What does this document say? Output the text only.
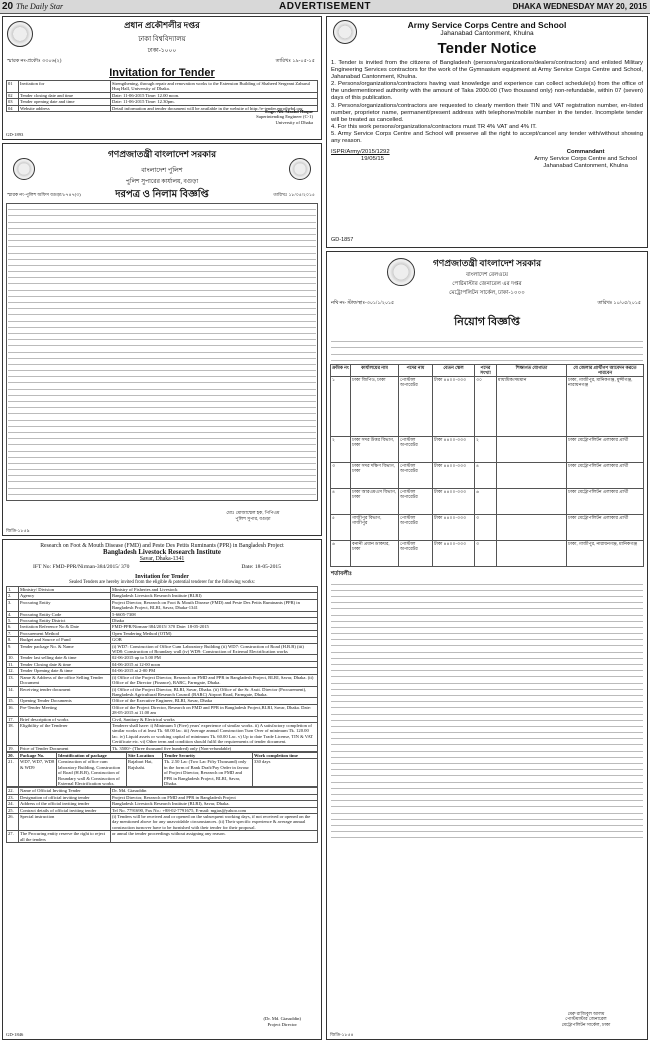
20 The Daily Star	ADVERTISEMENT	DHAKA WEDNESDAY MAY 20, 2015
প্রধান প্রকৌশলীর দপ্তর
ঢাকা বিশ্ববিদ্যালয়
ঢাকা-১০০০
স্মারক নং-প্রকৌঃ ৩৩০৬(২)	তারিখঃ ১৯-০৫-১৫
Invitation for Tender
01	Invitation for	Strengthening, through repair and renovation works to the Extension Building of Shaheed Sergeant Zahurul Huq Hall, University of Dhaka.
02	Tender closing date and time	Date: 11-06-2015 Time: 12.00 noon.
03	Tender opening date and time	Date: 11-06-2015 Time: 12.30pm.
04	Website address	Detail information and tender document will be available in the website of http://e-tender.eprothebd.org
Engr. AK Afzalul Haque
Superintending Engineer (C-1)
University of Dhaka
GD-1893
Army Service Corps Centre and School
Jahanabad Cantonment, Khulna
Tender Notice

1. Tender is invited from the citizens of Bangladesh (persons/organizations/dealers/contractors) and enlisted Military Engineering Services contractors for the work of the Gymnasium equipment at Army Service Corps Centre and School, Jahanabad Cantonment, Khulna.

2. Persons/organizations/contractors having vast knowledge and experience can collect schedule(s) from the office of the undermentioned authority with the amount of Taka 2000.00 (Two thousand only) non-refundable, within 07 (seven) days of this publication.

3. Persons/organizations/contractors are requested to clearly mention their TIN and VAT registration number, en-listed number, proprietor name, permanent/present address with telephone/mobile number in the tender. Incomplete tender will be treated as cancelled.

4. For this work persons/organizations/contractors must TR 4% VAT and 4% IT.

5. Army Service Corps Centre and School will preserve all the right to accept/cancel any tender with/without showing any reason.

ISPR/Army/2015/1292
19/05/15
Commandant
Army Service Corps Centre and School
Jahanabad Cantonment, Khulna
GD-1857
গণপ্রজাতন্ত্রী বাংলাদেশ সরকার
বাংলাদেশ পুলিশ
পুলিশ সুপারের কার্যালয়, বগুড়া
স্মারক নং-পুলিশ অফিস বগুড়া/৮৭৪৭(৩)	দরপত্র ও নিলাম বিজ্ঞপ্তি	তারিখঃ ১৮/০৫/২০১৫
মোঃ মোজাম্মেল হক, পিপিএম
পুলিশ সুপার, বগুড়া
জিডি-১৮৫৯
Research on Foot & Mouth Disease (FMD) and Peste Des Petits Ruminants (PPR) in Bangladesh Project
Bangladesh Livestock Research Institute
Savar, Dhaka-1341
IFT No: FMD-PPR/Nirman-384/2015/ 370	Date: 18-05-2015
Invitation for Tender
Sealed Tenders are hereby invited from the eligible & potential tenderer for the following works:
1.	Ministry/ Division	Ministry of Fisheries and Livestock
2.	Agency	Bangladesh Livestock Research Institute (BLRI)
3.	Procuring Entity	Project Director, Research on Foot & Mouth Disease (FMD) and Peste Des Petits Ruminants (PPR) in Bangladesh Project, BLRI, Savar, Dhaka-1341
4.	Procuring Entity Code	5-6605-7308
5.	Procuring Entity District	Dhaka
6.	Invitation Reference No & Date	FMD-PPR/Nirman-384/2015/ 370 Date: 18-05-2015
7.	Procurement Method	Open Tendering Method (OTM)
8.	Budget and Source of Fund	GOB
9.	Tender package No. & Name	(i) WD7: Construction of Office Cum Laboratory Building (ii) WD7: Construction of Road (H.B.B) (iii) WD8: Construction of Boundary wall (iv) WD9: Construction of External Electrification works
10.	Tender last selling date & time	02-06-2015 up to 5.00 PM
11.	Tender Closing date & time	04-06-2015 at 12-00 noon
12.	Tender Opening date & time	04-06-2015 at 2-00 PM
13.	Name & Address of the office Selling Tender Document	(i) Office of the Project Director, Research on FMD and PPR in Bangladesh Project, BLRI, Savar, Dhaka. (ii) Office of the Director (Finance), BARC, Farmgate, Dhaka.
14.	Receiving tender document	(i) Office of the Project Director, BLRI, Savar, Dhaka. (ii) Office of the Sr. Asstt. Director (Procurement), Bangladesh Agricultural Research Council (BARC) Airport Road, Farmgate, Dhaka.
15.	Opening Tender Documents	Office of the Executive Engineer, BLRI, Savar, Dhaka
16.	Pre-Tender Meeting	Office of the Project Director, Research on FMD and PPR in Bangladesh Project,BLRI, Savar, Dhaka. Date: 28-05-2015 at 11.00 am
17.	Brief description of works	Civil, Sanitary & Electrical works
18.	Eligibility of the Tenderer	Tenderer shall have: i) Minimum 5 (Five) years' experience of similar works. ii) A satisfactory completion of similar works of at least Tk. 60.00 lac. iii) Average annual Construction Turn Over of minimum Tk. 120.00 lac. iv) Liquid assets or working capital of minimum Tk. 60.00 Lac. v) Up to date Trade License, TIN & VAT Certificate etc. vi) Other term and condition should fulfil the requirements of tender document.
19.	Price of Tender Document	Tk. 3500/- (Three thousand five hundred) only (Non-refundable)
20.	Package No.	Identification of package	Site Location	Tender Security	Work completion time
21.	WD7, WD7, WD8 & WD9	Construction of office cum laboratory Building, Construction of Road (H.B.B), Construction of Boundary wall & Construction of External Electrification works.	Rajabari Hat, Rajshahi.	Tk. 2.50 Lac (Two Lac Fifty Thousand) only in the form of Bank Draft/Pay Order in favour of Project Director, Research on FMD and PPR in Bangladesh Project, BLRI, Savar, Dhaka.	330 days
22.	Name of Official Inviting Tender	Dr. Md. Giasuddin
23.	Designation of official inviting tender	Project Director, Research on FMD and PPR in Bangladesh Project
24.	Address of the official inviting tender	Bangladesh Livestock Research Institute (BLRI), Savar, Dhaka.
25.	Contract details of official inviting tender	Tel No. 7791690, Fax No.: +88-02-7791675, E-mail: mgias@yahoo.com
26.	Special instruction	(i) Tenders will be received and or opened on the subsequent working days, if not received or opened on the day mentioned above for any unavoidable circumstances. (ii) Their specific experience & average annual construction turnover have to be furnished with their tender for their proposal.
27.	The Procuring entity reserve the right to reject all the tenders	or annul the tender proceedings without assigning any reason.
(Dr. Md. Giasuddin)
Project Director
GD-1846
গণপ্রজাতন্ত্রী বাংলাদেশ সরকার
বাংলাদেশ রেলওয়ে
পোষ্টমাস্টার জেনারেল এর দপ্তর
মেট্রোপলিটন সার্কেল, ঢাকা-১০০০
নথি নং- স্টাফ/স্থাঃ-৩০১/১/২০১৫	তারিখঃ ১০/০৫/২০১৫
নিয়োগ বিজ্ঞপ্তি
ক্রমিক নং	কার্যালয়ের নাম	পদের নাম	বেতন স্কেল	পদের সংখ্যা	শিক্ষাগত যোগ্যতা	যে জেলার প্রার্থীগণ আবেদন করতে পারবেন
১	ঢাকা জিপিও, ঢাকা	পোস্টাল অপারেটর	টাকা ৪৪০০-৩৩৩	৩০	মাধ্যমিক/সমমান	ঢাকা, গাজীপুর, মানিকগঞ্জ, মুন্সীগঞ্জ, নারায়নগঞ্জ
২	ঢাকা সদর উত্তর বিভাগ, ঢাকা	পোস্টাল অপারেটর	টাকা ৪৪০০-৩৩৩	২		ঢাকা মেট্রোপলিটন এলাকার প্রার্থী
৩	ঢাকা সদর দক্ষিণ বিভাগ, ঢাকা	পোস্টাল অপারেটর	টাকা ৪৪০০-৩৩৩	৪		ঢাকা মেট্রোপলিটন এলাকার প্রার্থী
৪	ঢাকা আরএমএস বিভাগ, ঢাকা	পোস্টাল অপারেটর	টাকা ৪৪০০-৩৩৩	৬		ঢাকা মেট্রোপলিটন এলাকার প্রার্থী
৫	গাজীপুর বিভাগ, গাজীপুর	পোস্টাল অপারেটর	টাকা ৪৪০০-৩৩৩	৩		ঢাকা মেট্রোপলিটন এলাকার প্রার্থী
৬	বনানী প্রধান ডাকঘর, ঢাকা	পোস্টাল অপারেটর	টাকা ৪৪০০-৩৩৩	৩		ঢাকা, গাজীপুর, নারায়নগঞ্জ, মানিকগঞ্জ
শর্তাবলীঃ
মেরু রাজিবুল আলম
পোস্টমাস্টার জেনারেল
মেট্রোপলিটন সার্কেল, ঢাকা
জিডি-১৮৫৪
